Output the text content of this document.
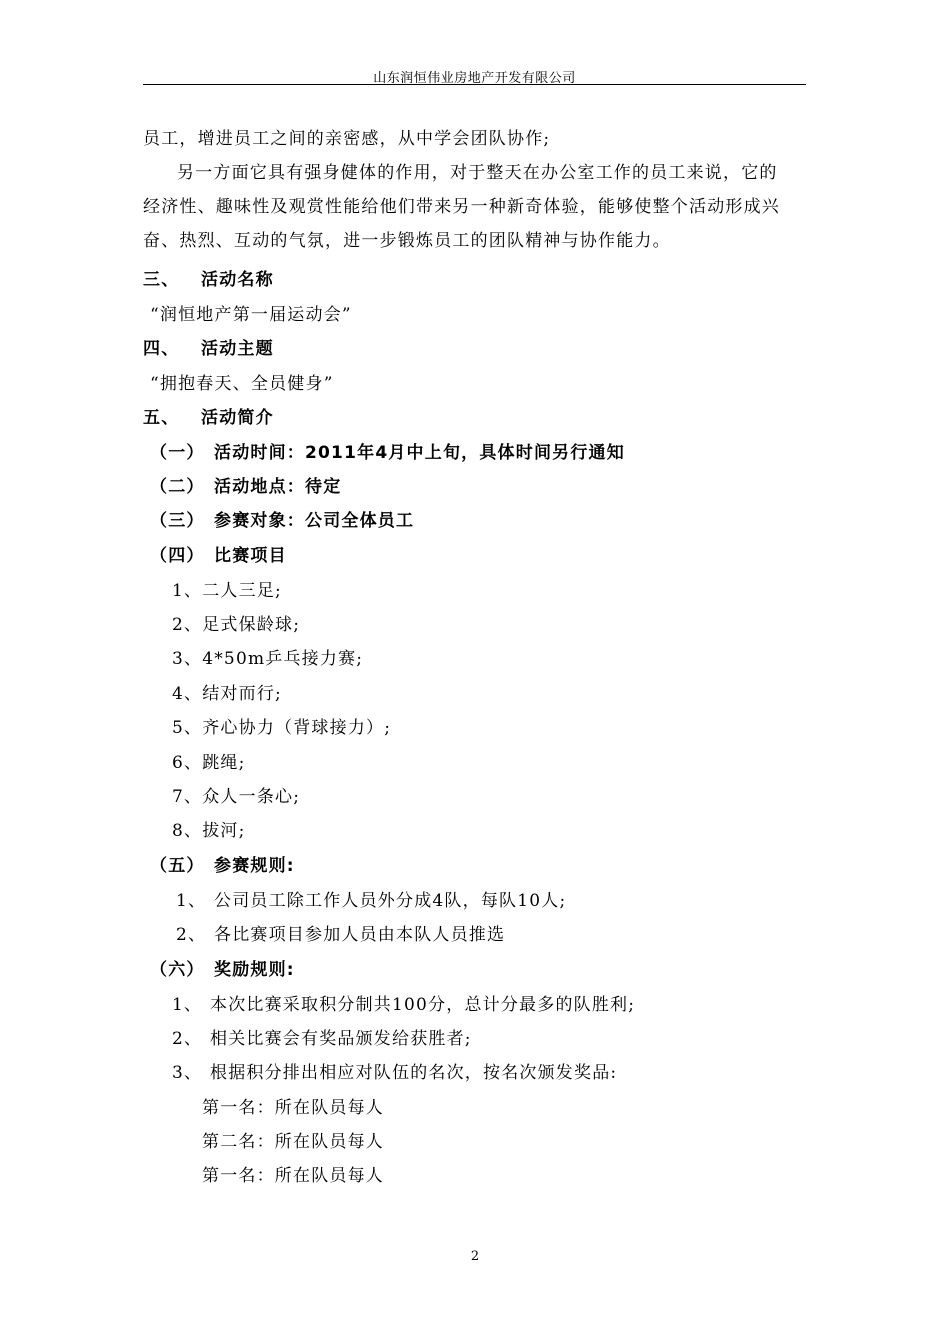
山东润恒伟业房地产开发有限公司
员工，增进员工之间的亲密感，从中学会团队协作;
另一方面它具有强身健体的作用，对于整天在办公室工作的员工来说，它的
经济性、趣味性及观赏性能给他们带来另一种新奇体验，能够使整个活动形成兴
奋、热烈、互动的气氛，进一步锻炼员工的团队精神与协作能力。
三、 活动名称
“润恒地产第一届运动会”
四、 活动主题
“拥抱春天、全员健身”
五、 活动简介
（一） 活动时间：2011年4月中上旬，具体时间另行通知
（二） 活动地点：待定
（三） 参赛对象：公司全体员工
（四） 比赛项目
1、二人三足;
2、足式保龄球;
3、4*50m乒乓接力赛;
4、结对而行;
5、齐心协力（背球接力）;
6、跳绳;
7、众人一条心;
8、拔河;
（五） 参赛规则:
1、 公司员工除工作人员外分成4队，每队10人;
2、 各比赛项目参加人员由本队人员推选
（六） 奖励规则:
1、 本次比赛采取积分制共100分，总计分最多的队胜利;
2、 相关比赛会有奖品颁发给获胜者;
3、 根据积分排出相应对队伍的名次，按名次颁发奖品:
第一名：所在队员每人
第二名：所在队员每人
第一名：所在队员每人
2
